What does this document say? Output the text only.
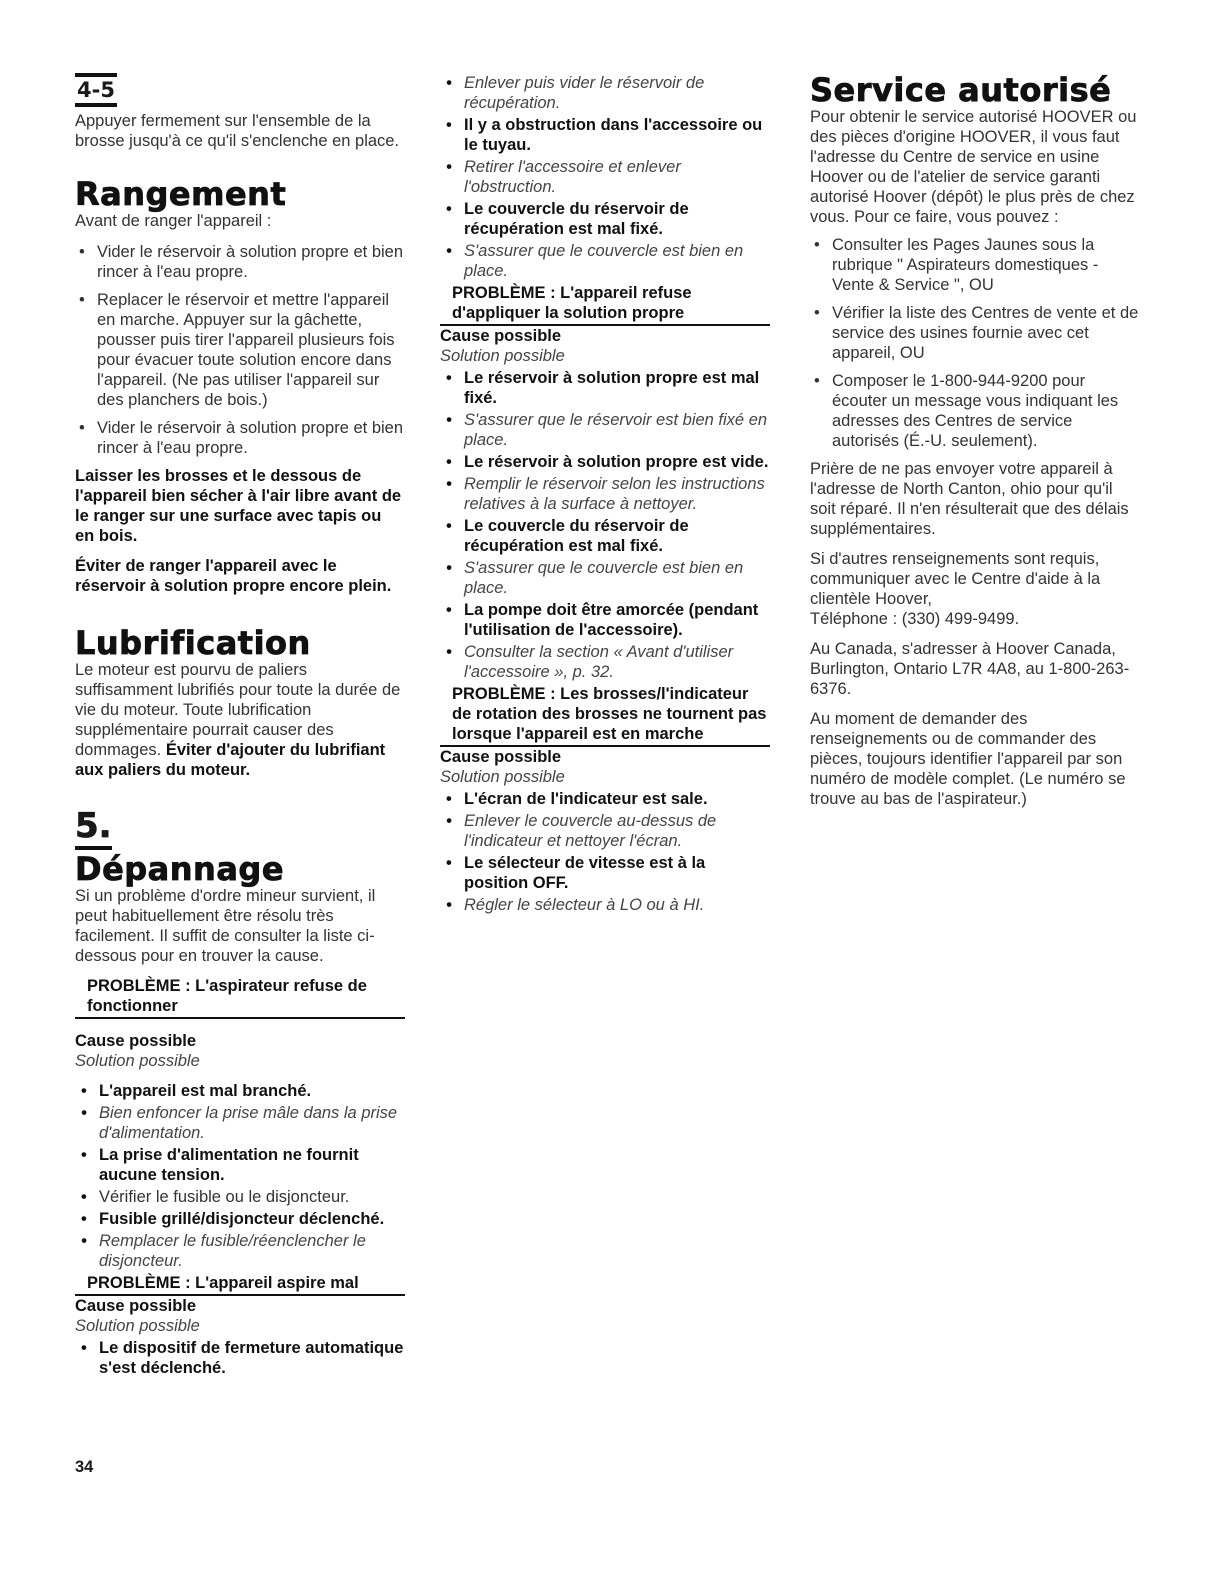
4-5

Appuyer fermement sur l'ensemble de la brosse jusqu'à ce qu'il s'enclenche en place.

Rangement

Avant de ranger l'appareil :

• Vider le réservoir à solution propre et bien rincer à l'eau propre.
• Replacer le réservoir et mettre l'appareil en marche. Appuyer sur la gâchette, pousser puis tirer l'appareil plusieurs fois pour évacuer toute solution encore dans l'appareil. (Ne pas utiliser l'appareil sur des planchers de bois.)
• Vider le réservoir à solution propre et bien rincer à l'eau propre.

Laisser les brosses et le dessous de l'appareil bien sécher à l'air libre avant de le ranger sur une surface avec tapis ou en bois.

Éviter de ranger l'appareil avec le réservoir à solution propre encore plein.

Lubrification

Le moteur est pourvu de paliers suffisamment lubrifiés pour toute la durée de vie du moteur. Toute lubrification supplémentaire pourrait causer des dommages. Éviter d'ajouter du lubrifiant aux paliers du moteur.

5.
Dépannage

Si un problème d'ordre mineur survient, il peut habituellement être résolu très facilement. Il suffit de consulter la liste ci-dessous pour en trouver la cause.

PROBLÈME : L'aspirateur refuse de fonctionner
Cause possible
Solution possible
• L'appareil est mal branché.
• Bien enfoncer la prise mâle dans la prise d'alimentation.
• La prise d'alimentation ne fournit aucune tension.
• Vérifier le fusible ou le disjoncteur.
• Fusible grillé/disjoncteur déclenché.
• Remplacer le fusible/réenclencher le disjoncteur.
PROBLÈME : L'appareil aspire mal
Cause possible
Solution possible
• Le dispositif de fermeture automatique s'est déclenché.
34
• Enlever puis vider le réservoir de récupération.
• Il y a obstruction dans l'accessoire ou le tuyau.
• Retirer l'accessoire et enlever l'obstruction.
• Le couvercle du réservoir de récupération est mal fixé.
• S'assurer que le couvercle est bien en place.
PROBLÈME : L'appareil refuse d'appliquer la solution propre
Cause possible
Solution possible
• Le réservoir à solution propre est mal fixé.
• S'assurer que le réservoir est bien fixé en place.
• Le réservoir à solution propre est vide.
• Remplir le réservoir selon les instructions relatives à la surface à nettoyer.
• Le couvercle du réservoir de récupération est mal fixé.
• S'assurer que le couvercle est bien en place.
• La pompe doit être amorcée (pendant l'utilisation de l'accessoire).
• Consulter la section « Avant d'utiliser l'accessoire », p. 32.
PROBLÈME : Les brosses/l'indicateur de rotation des brosses ne tournent pas lorsque l'appareil est en marche
Cause possible
Solution possible
• L'écran de l'indicateur est sale.
• Enlever le couvercle au-dessus de l'indicateur et nettoyer l'écran.
• Le sélecteur de vitesse est à la position OFF.
• Régler le sélecteur à LO ou à HI.
Service autorisé

Pour obtenir le service autorisé HOOVER ou des pièces d'origine HOOVER, il vous faut l'adresse du Centre de service en usine Hoover ou de l'atelier de service garanti autorisé Hoover (dépôt) le plus près de chez vous. Pour ce faire, vous pouvez :

• Consulter les Pages Jaunes sous la rubrique " Aspirateurs domestiques - Vente & Service ", OU
• Vérifier la liste des Centres de vente et de service des usines fournie avec cet appareil, OU
• Composer le 1-800-944-9200 pour écouter un message vous indiquant les adresses des Centres de service autorisés (É.-U. seulement).

Prière de ne pas envoyer votre appareil à l'adresse de North Canton, ohio pour qu'il soit réparé. Il n'en résulterait que des délais supplémentaires.

Si d'autres renseignements sont requis, communiquer avec le Centre d'aide à la clientèle Hoover,

Téléphone : (330) 499-9499.

Au Canada, s'adresser à Hoover Canada, Burlington, Ontario L7R 4A8, au 1-800-263-6376.

Au moment de demander des renseignements ou de commander des pièces, toujours identifier l'appareil par son numéro de modèle complet. (Le numéro se trouve au bas de l'aspirateur.)
